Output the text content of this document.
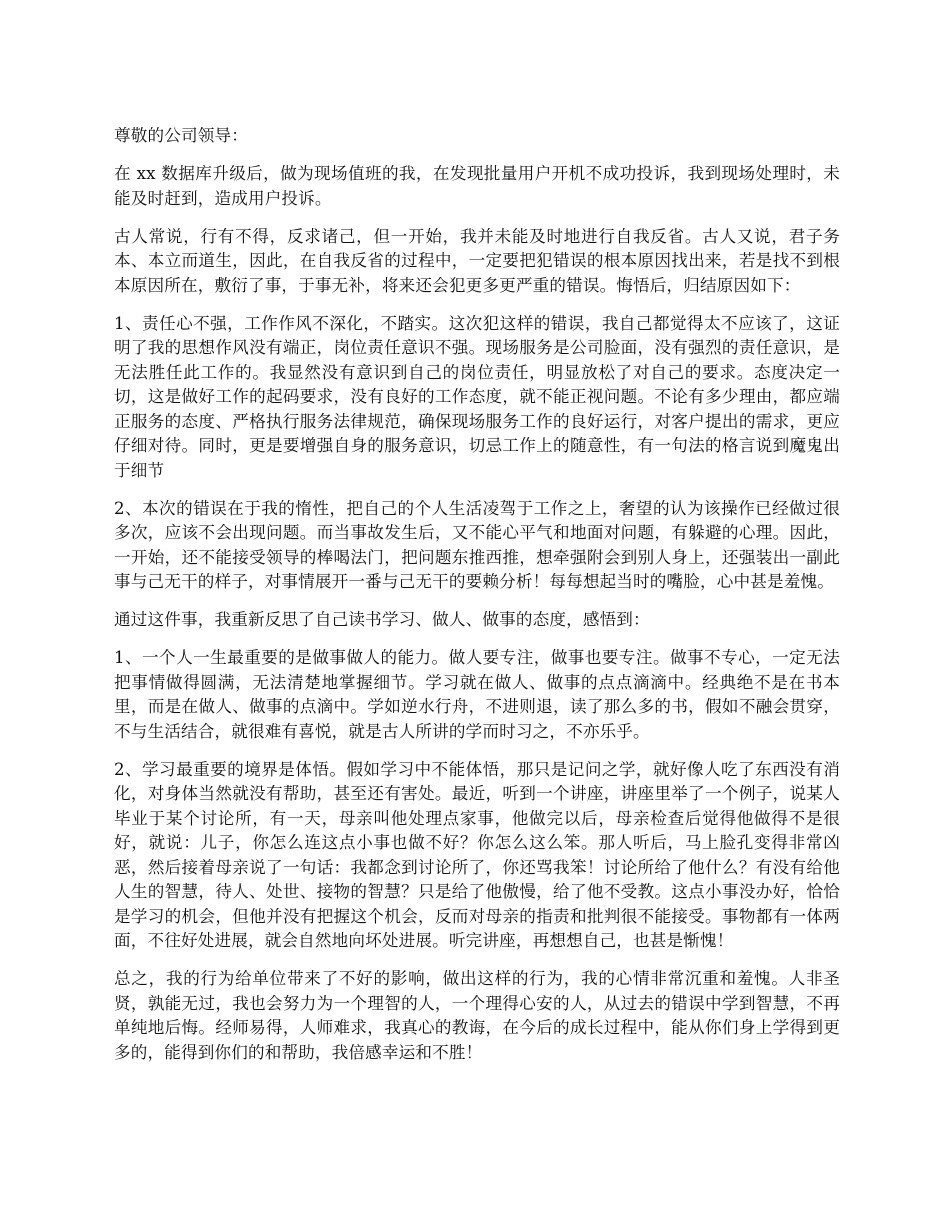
尊敬的公司领导：

在 xx 数据库升级后，做为现场值班的我，在发现批量用户开机不成功投诉，我到现场处理时，未能及时赶到，造成用户投诉。

古人常说，行有不得，反求诸己，但一开始，我并未能及时地进行自我反省。古人又说，君子务本、本立而道生，因此，在自我反省的过程中，一定要把犯错误的根本原因找出来，若是找不到根本原因所在，敷衍了事，于事无补，将来还会犯更多更严重的错误。悔悟后，归结原因如下：

1、责任心不强，工作作风不深化，不踏实。这次犯这样的错误，我自己都觉得太不应该了，这证明了我的思想作风没有端正，岗位责任意识不强。现场服务是公司脸面，没有强烈的责任意识，是无法胜任此工作的。我显然没有意识到自己的岗位责任，明显放松了对自己的要求。态度决定一切，这是做好工作的起码要求，没有良好的工作态度，就不能正视问题。不论有多少理由，都应端正服务的态度、严格执行服务法律规范，确保现场服务工作的良好运行，对客户提出的需求，更应仔细对待。同时，更是要增强自身的服务意识，切忌工作上的随意性，有一句法的格言说到魔鬼出于细节

2、本次的错误在于我的惰性，把自己的个人生活凌驾于工作之上，奢望的认为该操作已经做过很多次，应该不会出现问题。而当事故发生后，又不能心平气和地面对问题，有躲避的心理。因此，一开始，还不能接受领导的棒喝法门，把问题东推西推，想牵强附会到别人身上，还强装出一副此事与己无干的样子，对事情展开一番与己无干的要赖分析！每每想起当时的嘴脸，心中甚是羞愧。

通过这件事，我重新反思了自己读书学习、做人、做事的态度，感悟到：

1、一个人一生最重要的是做事做人的能力。做人要专注，做事也要专注。做事不专心，一定无法把事情做得圆满，无法清楚地掌握细节。学习就在做人、做事的点点滴滴中。经典绝不是在书本里，而是在做人、做事的点滴中。学如逆水行舟，不进则退，读了那么多的书，假如不融会贯穿，不与生活结合，就很难有喜悦，就是古人所讲的学而时习之，不亦乐乎。

2、学习最重要的境界是体悟。假如学习中不能体悟，那只是记问之学，就好像人吃了东西没有消化，对身体当然就没有帮助，甚至还有害处。最近，听到一个讲座，讲座里举了一个例子，说某人毕业于某个讨论所，有一天，母亲叫他处理点家事，他做完以后，母亲检查后觉得他做得不是很好，就说：儿子，你怎么连这点小事也做不好？你怎么这么笨。那人听后，马上脸孔变得非常凶恶，然后接着母亲说了一句话：我都念到讨论所了，你还骂我笨！讨论所给了他什么？有没有给他人生的智慧，待人、处世、接物的智慧？只是给了他傲慢，给了他不受教。这点小事没办好，恰恰是学习的机会，但他并没有把握这个机会，反而对母亲的指责和批判很不能接受。事物都有一体两面，不往好处进展，就会自然地向坏处进展。听完讲座，再想想自己，也甚是惭愧！

总之，我的行为给单位带来了不好的影响，做出这样的行为，我的心情非常沉重和羞愧。人非圣贤，孰能无过，我也会努力为一个理智的人，一个理得心安的人，从过去的错误中学到智慧，不再单纯地后悔。经师易得，人师难求，我真心的教诲，在今后的成长过程中，能从你们身上学得到更多的，能得到你们的和帮助，我倍感幸运和不胜！
